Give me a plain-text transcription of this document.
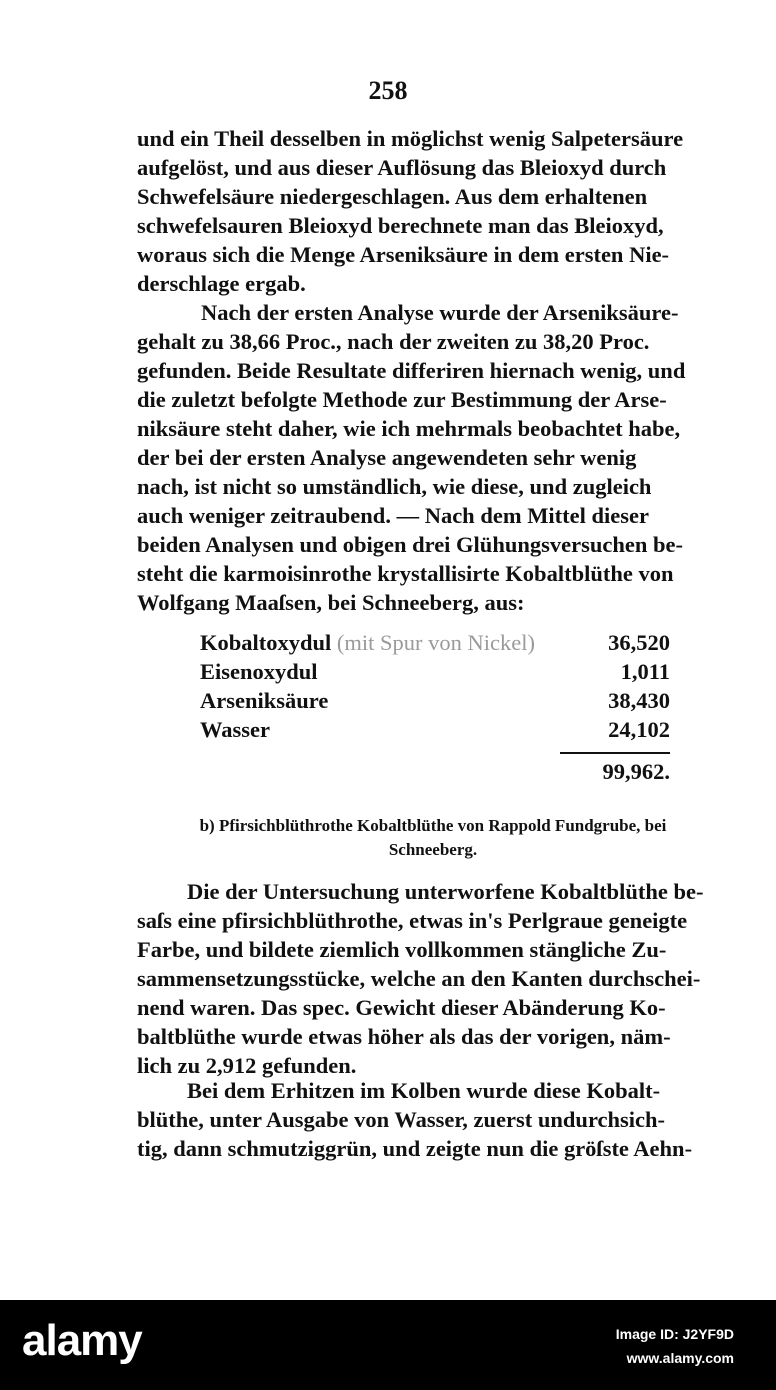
258
und ein Theil desselben in möglichst wenig Salpetersäure
aufgelöst, und aus dieser Auflösung das Bleioxyd durch
Schwefelsäure niedergeschlagen. Aus dem erhaltenen
schwefelsauren Bleioxyd berechnete man das Bleioxyd,
woraus sich die Menge Arseniksäure in dem ersten Nie-
derschlage ergab.
Nach der ersten Analyse wurde der Arseniksäure-
gehalt zu 38,66 Proc., nach der zweiten zu 38,20 Proc.
gefunden. Beide Resultate differiren hiernach wenig, und
die zuletzt befolgte Methode zur Bestimmung der Arse-
niksäure steht daher, wie ich mehrmals beobachtet habe,
der bei der ersten Analyse angewendeten sehr wenig
nach, ist nicht so umständlich, wie diese, und zugleich
auch weniger zeitraubend. — Nach dem Mittel dieser
beiden Analysen und obigen drei Glühungsversuchen be-
steht die karmoisinrothe krystallisirte Kobaltblüthe von
Wolfgang Maaſsen, bei Schneeberg, aus:
Kobaltoxydul (mit Spur von Nickel)	36,520
Eisenoxydul	1,011
Arseniksäure	38,430
Wasser	24,102
99,962.
b) Pfirsichblüthrothe Kobaltblüthe von Rappold Fundgrube, bei
Schneeberg.
Die der Untersuchung unterworfene Kobaltblüthe be-
saſs eine pfirsichblüthrothe, etwas in's Perlgraue geneigte
Farbe, und bildete ziemlich vollkommen stängliche Zu-
sammensetzungsstücke, welche an den Kanten durchschei-
nend waren. Das spec. Gewicht dieser Abänderung Ko-
baltblüthe wurde etwas höher als das der vorigen, näm-
lich zu 2,912 gefunden.
Bei dem Erhitzen im Kolben wurde diese Kobalt-
blüthe, unter Ausgabe von Wasser, zuerst undurchsich-
tig, dann schmutziggrün, und zeigte nun die gröſste Aehn-
alamy	Image ID: J2YF9D
www.alamy.com
